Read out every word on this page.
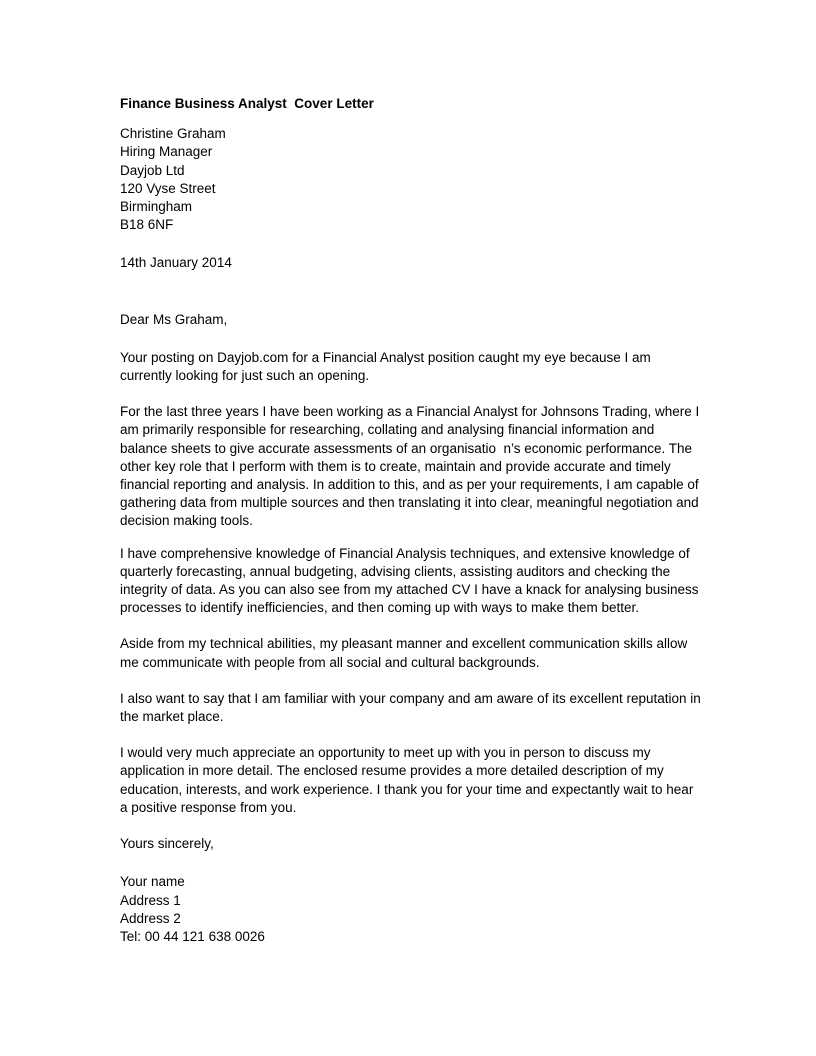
Finance Business Analyst  Cover Letter
Christine Graham
Hiring Manager
Dayjob Ltd
120 Vyse Street
Birmingham
B18 6NF
14th January 2014
Dear Ms Graham,
Your posting on Dayjob.com for a Financial Analyst position caught my eye because I am
currently looking for just such an opening.
For the last three years I have been working as a Financial Analyst for Johnsons Trading, where I
am primarily responsible for researching, collating and analysing financial information and
balance sheets to give accurate assessments of an organisatio  n’s economic performance. The
other key role that I perform with them is to create, maintain and provide accurate and timely
financial reporting and analysis. In addition to this, and as per your requirements, I am capable of
gathering data from multiple sources and then translating it into clear, meaningful negotiation and
decision making tools.
I have comprehensive knowledge of Financial Analysis techniques, and extensive knowledge of
quarterly forecasting, annual budgeting, advising clients, assisting auditors and checking the
integrity of data. As you can also see from my attached CV I have a knack for analysing business
processes to identify inefficiencies, and then coming up with ways to make them better.
Aside from my technical abilities, my pleasant manner and excellent communication skills allow
me communicate with people from all social and cultural backgrounds.
I also want to say that I am familiar with your company and am aware of its excellent reputation in
the market place.
I would very much appreciate an opportunity to meet up with you in person to discuss my
application in more detail. The enclosed resume provides a more detailed description of my
education, interests, and work experience. I thank you for your time and expectantly wait to hear
a positive response from you.
Yours sincerely,
Your name
Address 1
Address 2
Tel: 00 44 121 638 0026
